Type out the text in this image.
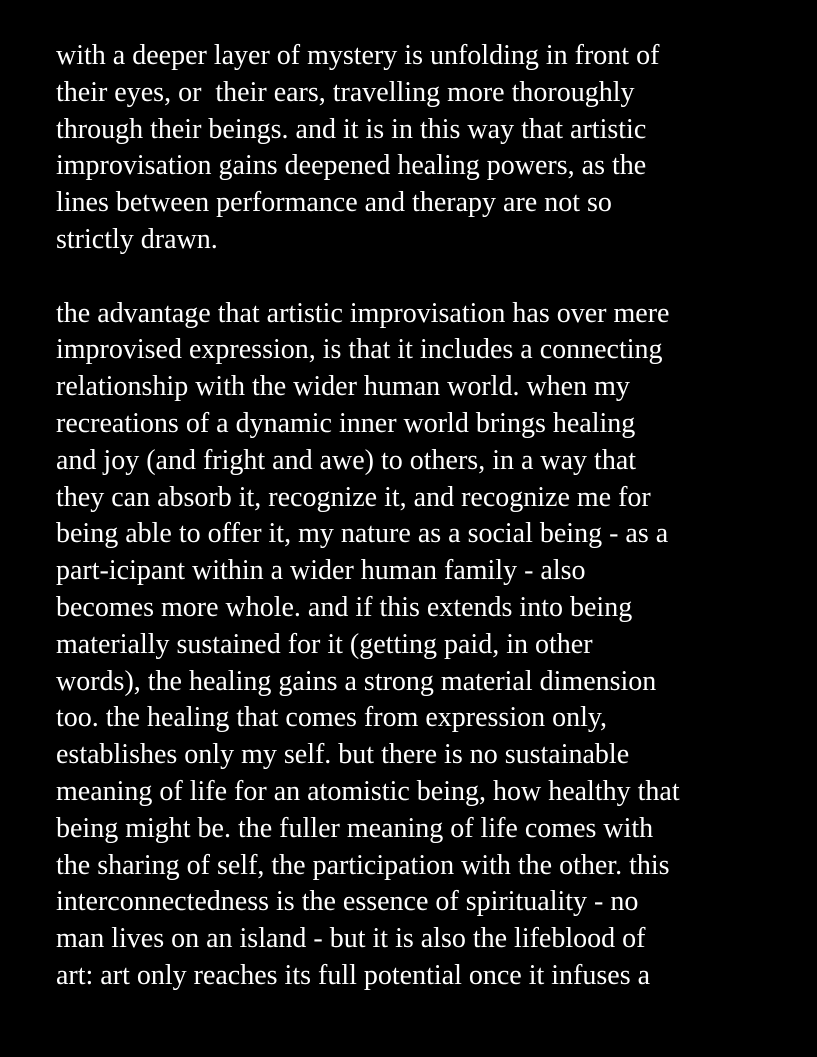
with a deeper layer of mystery is unfolding in front of
their eyes, or  their ears, travelling more thoroughly
through their beings. and it is in this way that artistic
improvisation gains deepened healing powers, as the
lines between performance and therapy are not so
strictly drawn.

the advantage that artistic improvisation has over mere
improvised expression, is that it includes a connecting
relationship with the wider human world. when my
recreations of a dynamic inner world brings healing
and joy (and fright and awe) to others, in a way that
they can absorb it, recognize it, and recognize me for
being able to offer it, my nature as a social being - as a
part-icipant within a wider human family - also
becomes more whole. and if this extends into being
materially sustained for it (getting paid, in other
words), the healing gains a strong material dimension
too. the healing that comes from expression only,
establishes only my self. but there is no sustainable
meaning of life for an atomistic being, how healthy that
being might be. the fuller meaning of life comes with
the sharing of self, the participation with the other. this
interconnectedness is the essence of spirituality - no
man lives on an island - but it is also the lifeblood of
art: art only reaches its full potential once it infuses a
